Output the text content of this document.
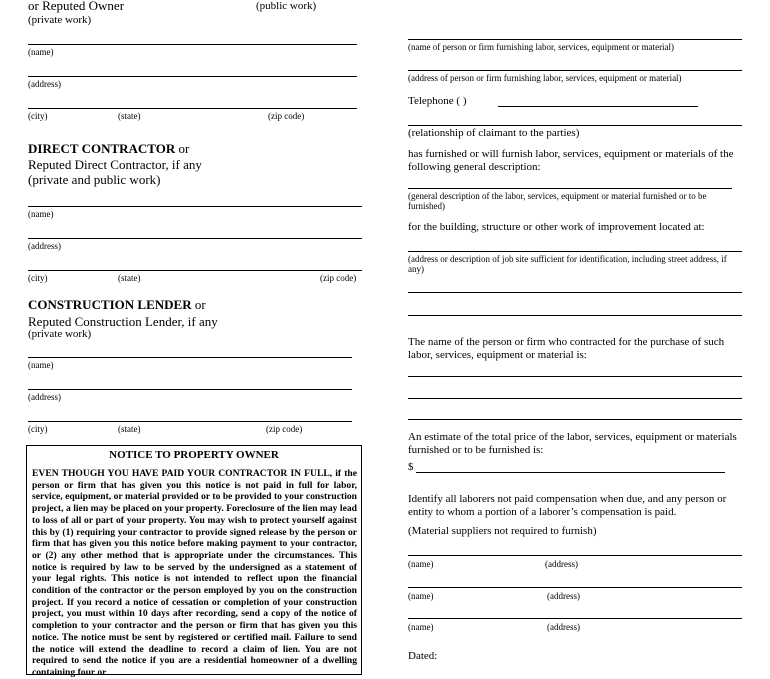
or Reputed Owner	(public work)
(private work)
(name)
(address)
(city)	(state)	(zip code)
DIRECT CONTRACTOR or
Reputed Direct Contractor, if any
(private and public work)
(name)
(address)
(city)	(state)	(zip code)
CONSTRUCTION LENDER or
Reputed Construction Lender, if any
(private work)
(name)
(address)
(city)	(state)	(zip code)
NOTICE TO PROPERTY OWNER
EVEN THOUGH YOU HAVE PAID YOUR CONTRACTOR IN FULL, if the person or firm that has given you this notice is not paid in full for labor, service, equipment, or material provided or to be provided to your construction project, a lien may be placed on your property. Foreclosure of the lien may lead to loss of all or part of your property. You may wish to protect yourself against this by (1) requiring your contractor to provide signed release by the person or firm that has given you this notice before making payment to your contractor, or (2) any other method that is appropriate under the circumstances. This notice is required by law to be served by the undersigned as a statement of your legal rights. This notice is not intended to reflect upon the financial condition of the contractor or the person employed by you on the construction project. If you record a notice of cessation or completion of your construction project, you must within 10 days after recording, send a copy of the notice of completion to your contractor and the person or firm that has given you this notice. The notice must be sent by registered or certified mail. Failure to send the notice will extend the deadline to record a claim of lien. You are not required to send the notice if you are a residential homeowner of a dwelling containing four or
(name of person or firm furnishing labor, services, equipment or material)
(address of person or firm furnishing labor, services, equipment or material)
Telephone ( )
(relationship of claimant to the parties)
has furnished or will furnish labor, services, equipment or materials of the following general description:
(general description of the labor, services, equipment or material furnished or to be furnished)
for the building, structure or other work of improvement located at:
(address or description of job site sufficient for identification, including street address, if any)
The name of the person or firm who contracted for the purchase of such labor, services, equipment or material is:
An estimate of the total price of the labor, services, equipment or materials furnished or to be furnished is:
$
Identify all laborers not paid compensation when due, and any person or entity to whom a portion of a laborer’s compensation is paid.
(Material suppliers not required to furnish)
(name)	(address)
(name)	(address)
(name)	(address)
Dated:
